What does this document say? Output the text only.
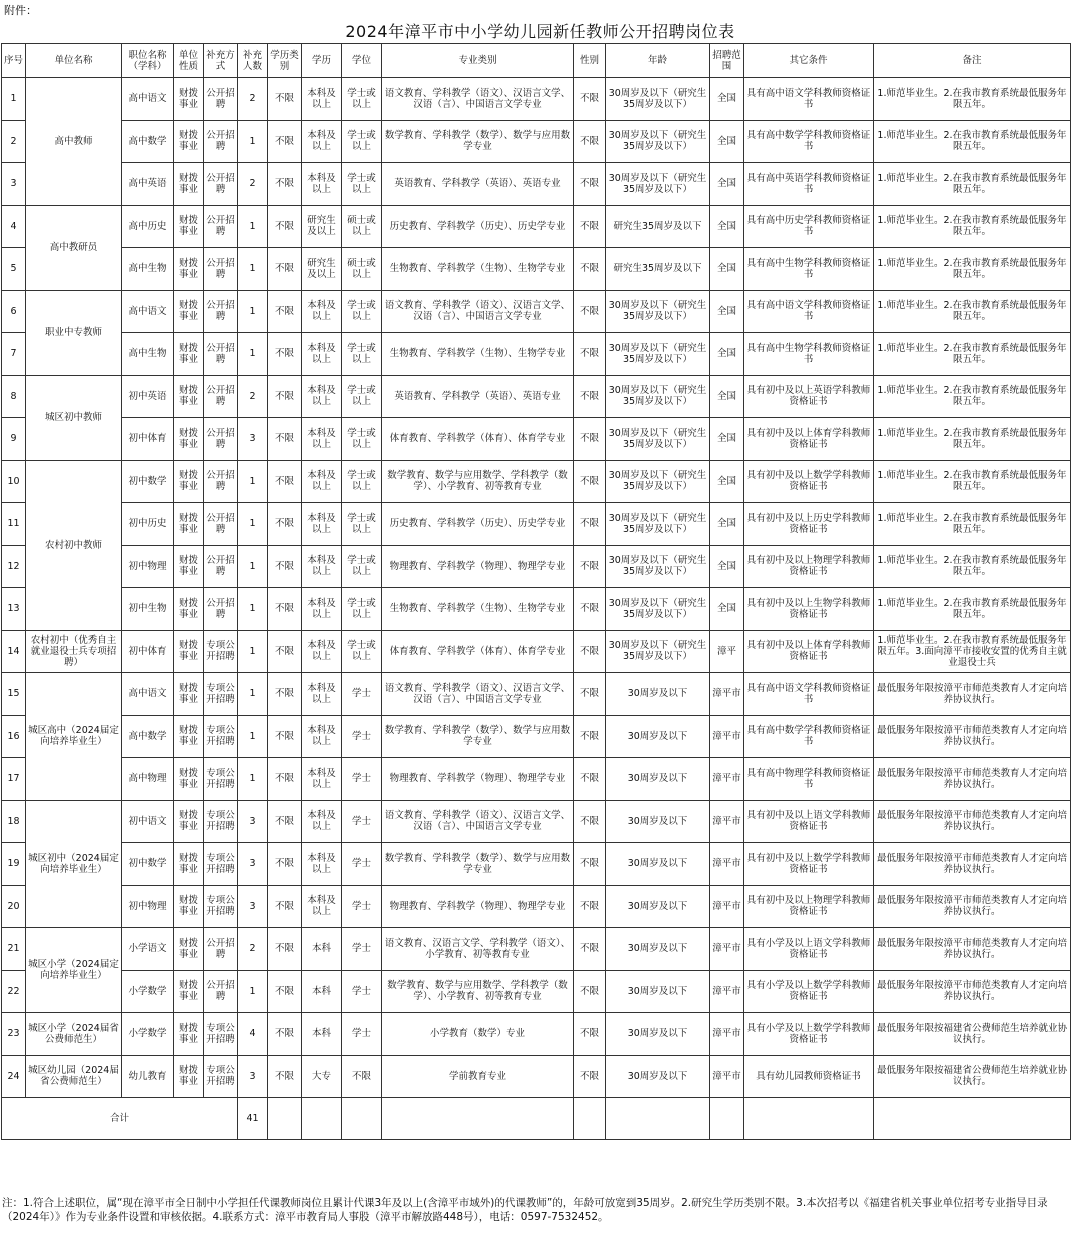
附件：
2024年漳平市中小学幼儿园新任教师公开招聘岗位表
序号	单位名称	职位名称（学科）	单位性质	补充方式	补充人数	学历类别	学历	学位	专业类别	性别	年龄	招聘范围	其它条件	备注
1	高中教师	高中语文	财拨事业	公开招聘	2	不限	本科及以上	学士或以上	语文教育、学科教学（语文）、汉语言文学、汉语（言）、中国语言文学专业	不限	30周岁及以下（研究生35周岁及以下）	全国	具有高中语文学科教师资格证书	1.师范毕业生。2.在我市教育系统最低服务年限五年。
2		高中数学	财拨事业	公开招聘	1	不限	本科及以上	学士或以上	数学教育、学科教学（数学）、数学与应用数学专业	不限	30周岁及以下（研究生35周岁及以下）	全国	具有高中数学学科教师资格证书	1.师范毕业生。2.在我市教育系统最低服务年限五年。
3		高中英语	财拨事业	公开招聘	2	不限	本科及以上	学士或以上	英语教育、学科教学（英语）、英语专业	不限	30周岁及以下（研究生35周岁及以下）	全国	具有高中英语学科教师资格证书	1.师范毕业生。2.在我市教育系统最低服务年限五年。
4	高中教研员	高中历史	财拨事业	公开招聘	1	不限	研究生及以上	硕士或以上	历史教育、学科教学（历史）、历史学专业	不限	研究生35周岁及以下	全国	具有高中历史学科教师资格证书	1.师范毕业生。2.在我市教育系统最低服务年限五年。
5		高中生物	财拨事业	公开招聘	1	不限	研究生及以上	硕士或以上	生物教育、学科教学（生物）、生物学专业	不限	研究生35周岁及以下	全国	具有高中生物学科教师资格证书	1.师范毕业生。2.在我市教育系统最低服务年限五年。
6	职业中专教师	高中语文	财拨事业	公开招聘	1	不限	本科及以上	学士或以上	语文教育、学科教学（语文）、汉语言文学、汉语（言）、中国语言文学专业	不限	30周岁及以下（研究生35周岁及以下）	全国	具有高中语文学科教师资格证书	1.师范毕业生。2.在我市教育系统最低服务年限五年。
7		高中生物	财拨事业	公开招聘	1	不限	本科及以上	学士或以上	生物教育、学科教学（生物）、生物学专业	不限	30周岁及以下（研究生35周岁及以下）	全国	具有高中生物学科教师资格证书	1.师范毕业生。2.在我市教育系统最低服务年限五年。
8	城区初中教师	初中英语	财拨事业	公开招聘	2	不限	本科及以上	学士或以上	英语教育、学科教学（英语）、英语专业	不限	30周岁及以下（研究生35周岁及以下）	全国	具有初中及以上英语学科教师资格证书	1.师范毕业生。2.在我市教育系统最低服务年限五年。
9		初中体育	财拨事业	公开招聘	3	不限	本科及以上	学士或以上	体育教育、学科教学（体育）、体育学专业	不限	30周岁及以下（研究生35周岁及以下）	全国	具有初中及以上体育学科教师资格证书	1.师范毕业生。2.在我市教育系统最低服务年限五年。
10	农村初中教师	初中数学	财拨事业	公开招聘	1	不限	本科及以上	学士或以上	数学教育、数学与应用数学、学科教学（数学）、小学教育、初等教育专业	不限	30周岁及以下（研究生35周岁及以下）	全国	具有初中及以上数学学科教师资格证书	1.师范毕业生。2.在我市教育系统最低服务年限五年。
11		初中历史	财拨事业	公开招聘	1	不限	本科及以上	学士或以上	历史教育、学科教学（历史）、历史学专业	不限	30周岁及以下（研究生35周岁及以下）	全国	具有初中及以上历史学科教师资格证书	1.师范毕业生。2.在我市教育系统最低服务年限五年。
12		初中物理	财拨事业	公开招聘	1	不限	本科及以上	学士或以上	物理教育、学科教学（物理）、物理学专业	不限	30周岁及以下（研究生35周岁及以下）	全国	具有初中及以上物理学科教师资格证书	1.师范毕业生。2.在我市教育系统最低服务年限五年。
13		初中生物	财拨事业	公开招聘	1	不限	本科及以上	学士或以上	生物教育、学科教学（生物）、生物学专业	不限	30周岁及以下（研究生35周岁及以下）	全国	具有初中及以上生物学科教师资格证书	1.师范毕业生。2.在我市教育系统最低服务年限五年。
14	农村初中（优秀自主就业退役士兵专项招聘）	初中体育	财拨事业	专项公开招聘	1	不限	本科及以上	学士或以上	体育教育、学科教学（体育）、体育学专业	不限	30周岁及以下（研究生35周岁及以下）	漳平	具有初中及以上体育学科教师资格证书	1.师范毕业生。2.在我市教育系统最低服务年限五年。3.面向漳平市接收安置的优秀自主就业退役士兵
15	城区高中（2024届定向培养毕业生）	高中语文	财拨事业	专项公开招聘	1	不限	本科及以上	学士	语文教育、学科教学（语文）、汉语言文学、汉语（言）、中国语言文学专业	不限	30周岁及以下	漳平市	具有高中语文学科教师资格证书	最低服务年限按漳平市师范类教育人才定向培养协议执行。
16		高中数学	财拨事业	专项公开招聘	1	不限	本科及以上	学士	数学教育、学科教学（数学）、数学与应用数学专业	不限	30周岁及以下	漳平市	具有高中数学学科教师资格证书	最低服务年限按漳平市师范类教育人才定向培养协议执行。
17		高中物理	财拨事业	专项公开招聘	1	不限	本科及以上	学士	物理教育、学科教学（物理）、物理学专业	不限	30周岁及以下	漳平市	具有高中物理学科教师资格证书	最低服务年限按漳平市师范类教育人才定向培养协议执行。
18	城区初中（2024届定向培养毕业生）	初中语文	财拨事业	专项公开招聘	3	不限	本科及以上	学士	语文教育、学科教学（语文）、汉语言文学、汉语（言）、中国语言文学专业	不限	30周岁及以下	漳平市	具有初中及以上语文学科教师资格证书	最低服务年限按漳平市师范类教育人才定向培养协议执行。
19		初中数学	财拨事业	专项公开招聘	3	不限	本科及以上	学士	数学教育、学科教学（数学）、数学与应用数学专业	不限	30周岁及以下	漳平市	具有初中及以上数学学科教师资格证书	最低服务年限按漳平市师范类教育人才定向培养协议执行。
20		初中物理	财拨事业	专项公开招聘	3	不限	本科及以上	学士	物理教育、学科教学（物理）、物理学专业	不限	30周岁及以下	漳平市	具有初中及以上物理学科教师资格证书	最低服务年限按漳平市师范类教育人才定向培养协议执行。
21	城区小学（2024届定向培养毕业生）	小学语文	财拨事业	公开招聘	2	不限	本科	学士	语文教育、汉语言文学、学科教学（语文）、小学教育、初等教育专业	不限	30周岁及以下	漳平市	具有小学及以上语文学科教师资格证书	最低服务年限按漳平市师范类教育人才定向培养协议执行。
22		小学数学	财拨事业	公开招聘	1	不限	本科	学士	数学教育、数学与应用数学、学科教学（数学）、小学教育、初等教育专业	不限	30周岁及以下	漳平市	具有小学及以上数学学科教师资格证书	最低服务年限按漳平市师范类教育人才定向培养协议执行。
23	城区小学（2024届省公费师范生）	小学数学	财拨事业	专项公开招聘	4	不限	本科	学士	小学教育（数学）专业	不限	30周岁及以下	漳平市	具有小学及以上数学学科教师资格证书	最低服务年限按福建省公费师范生培养就业协议执行。
24	城区幼儿园（2024届省公费师范生）	幼儿教育	财拨事业	专项公开招聘	3	不限	大专	不限	学前教育专业	不限	30周岁及以下	漳平市	具有幼儿园教师资格证书	最低服务年限按福建省公费师范生培养就业协议执行。
合计					41									
注：1.符合上述职位，属“现在漳平市全日制中小学担任代课教师岗位且累计代课3年及以上(含漳平市域外)的代课教师”的，年龄可放宽到35周岁。2.研究生学历类别不限。3.本次招考以《福建省机关事业单位招考专业指导目录（2024年）》作为专业条件设置和审核依据。4.联系方式：漳平市教育局人事股（漳平市解放路448号），电话：0597-7532452。
